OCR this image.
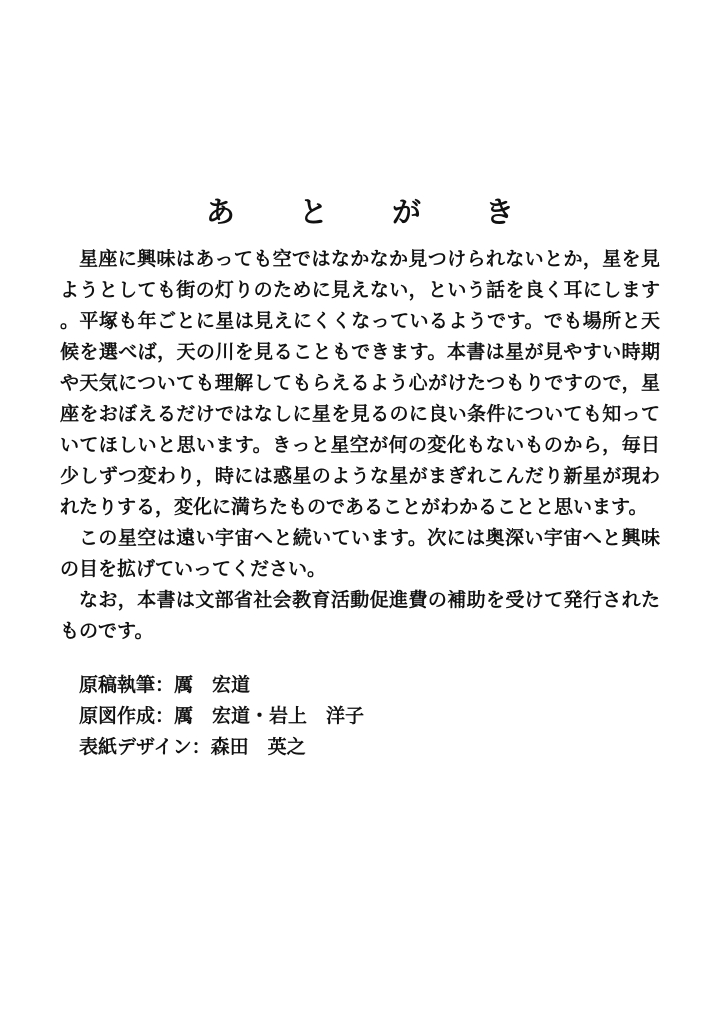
あ と が き

星座に興味はあっても空ではなかなか見つけられないとか，星を見ようとしても街の灯りのために見えない，という話を良く耳にします。平塚も年ごとに星は見えにくくなっているようです。でも場所と天候を選べば，天の川を見ることもできます。本書は星が見やすい時期や天気についても理解してもらえるよう心がけたつもりですので，星座をおぼえるだけではなしに星を見るのに良い条件についても知っていてほしいと思います。きっと星空が何の変化もないものから，毎日少しずつ変わり，時には惑星のような星がまぎれこんだり新星が現われたりする，変化に満ちたものであることがわかることと思います。

この星空は遠い宇宙へと続いています。次には奥深い宇宙へと興味の目を拡げていってください。

なお，本書は文部省社会教育活動促進費の補助を受けて発行されたものです。

原稿執筆：厲　宏道
原図作成：厲　宏道・岩上　洋子
表紙デザイン：森田　英之
